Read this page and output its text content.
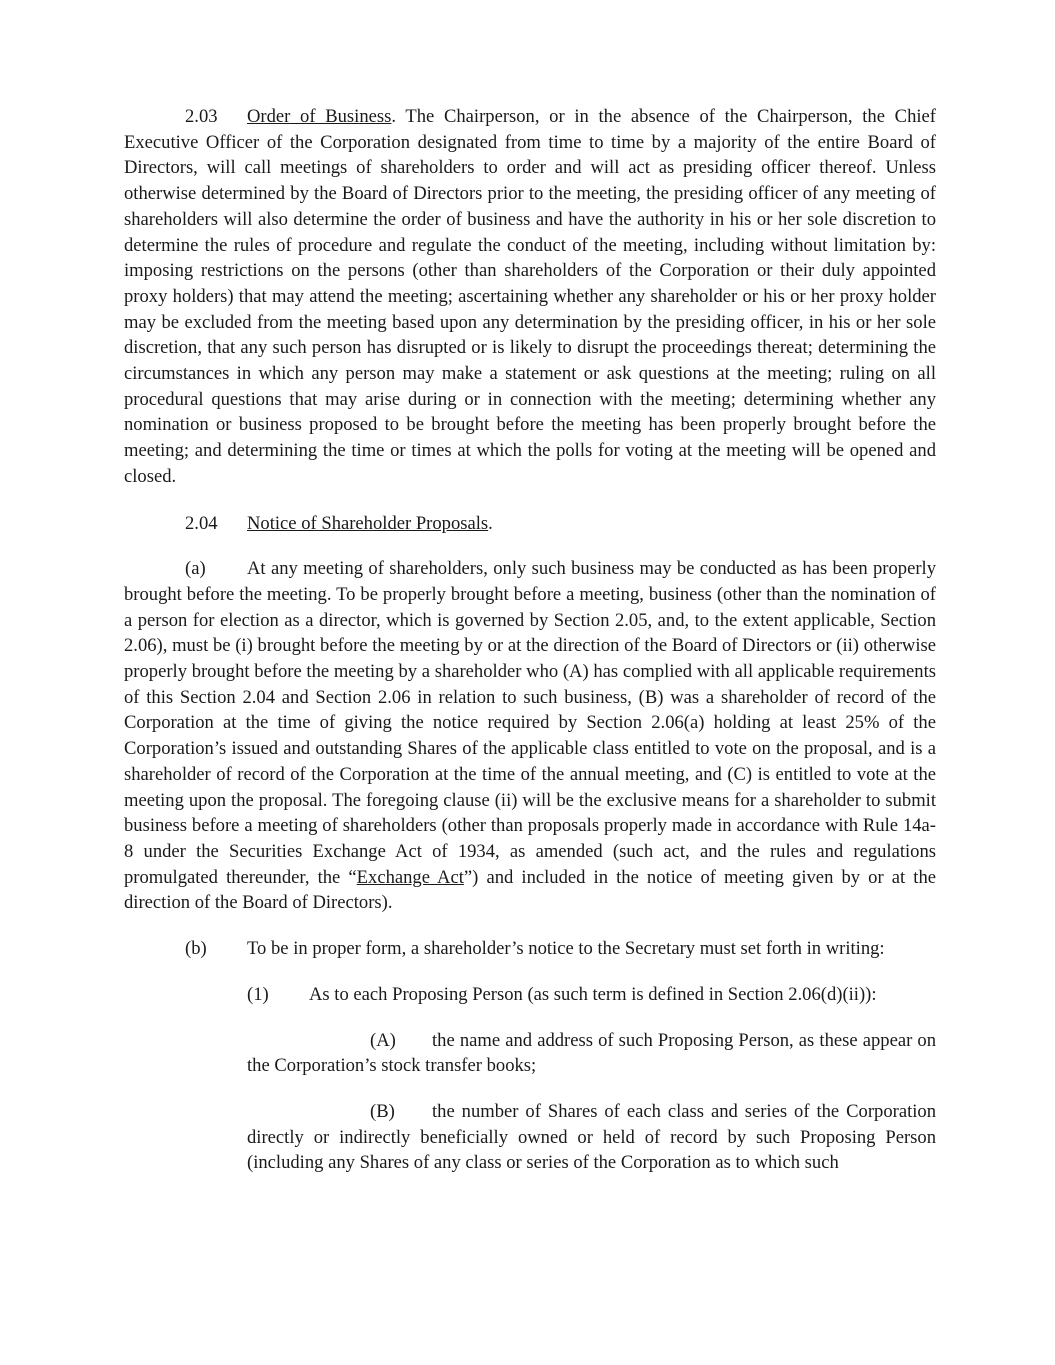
2.03 Order of Business. The Chairperson, or in the absence of the Chairperson, the Chief Executive Officer of the Corporation designated from time to time by a majority of the entire Board of Directors, will call meetings of shareholders to order and will act as presiding officer thereof. Unless otherwise determined by the Board of Directors prior to the meeting, the presiding officer of any meeting of shareholders will also determine the order of business and have the authority in his or her sole discretion to determine the rules of procedure and regulate the conduct of the meeting, including without limitation by: imposing restrictions on the persons (other than shareholders of the Corporation or their duly appointed proxy holders) that may attend the meeting; ascertaining whether any shareholder or his or her proxy holder may be excluded from the meeting based upon any determination by the presiding officer, in his or her sole discretion, that any such person has disrupted or is likely to disrupt the proceedings thereat; determining the circumstances in which any person may make a statement or ask questions at the meeting; ruling on all procedural questions that may arise during or in connection with the meeting; determining whether any nomination or business proposed to be brought before the meeting has been properly brought before the meeting; and determining the time or times at which the polls for voting at the meeting will be opened and closed.

2.04 Notice of Shareholder Proposals.

(a) At any meeting of shareholders, only such business may be conducted as has been properly brought before the meeting. To be properly brought before a meeting, business (other than the nomination of a person for election as a director, which is governed by Section 2.05, and, to the extent applicable, Section 2.06), must be (i) brought before the meeting by or at the direction of the Board of Directors or (ii) otherwise properly brought before the meeting by a shareholder who (A) has complied with all applicable requirements of this Section 2.04 and Section 2.06 in relation to such business, (B) was a shareholder of record of the Corporation at the time of giving the notice required by Section 2.06(a) holding at least 25% of the Corporation’s issued and outstanding Shares of the applicable class entitled to vote on the proposal, and is a shareholder of record of the Corporation at the time of the annual meeting, and (C) is entitled to vote at the meeting upon the proposal. The foregoing clause (ii) will be the exclusive means for a shareholder to submit business before a meeting of shareholders (other than proposals properly made in accordance with Rule 14a-8 under the Securities Exchange Act of 1934, as amended (such act, and the rules and regulations promulgated thereunder, the “Exchange Act”) and included in the notice of meeting given by or at the direction of the Board of Directors).

(b) To be in proper form, a shareholder’s notice to the Secretary must set forth in writing:

(1) As to each Proposing Person (as such term is defined in Section 2.06(d)(ii)):

(A) the name and address of such Proposing Person, as these appear on the Corporation’s stock transfer books;

(B) the number of Shares of each class and series of the Corporation directly or indirectly beneficially owned or held of record by such Proposing Person (including any Shares of any class or series of the Corporation as to which such
